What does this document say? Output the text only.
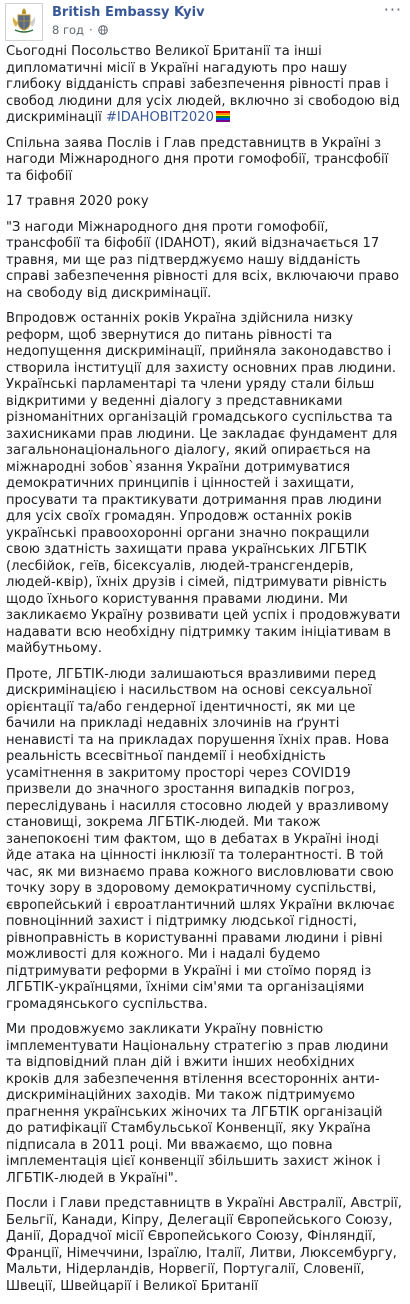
British Embassy Kyiv
8 год ·
···

Сьогодні Посольство Великої Британії та інші дипломатичні місії в Україні нагадують про нашу глибоку відданість справі забезпечення рівності прав і свобод людини для усіх людей, включно зі свободою від дискримінації #IDAHOBIT2020

Спільна заява Послів і Глав представництв в Україні з нагоди Міжнародного дня проти гомофобії, трансфобії та біфобії

17 травня 2020 року

"З нагоди Міжнародного дня проти гомофобії, трансфобії та біфобії (IDAHOT), який відзначається 17 травня, ми ще раз підтверджуємо нашу відданість справі забезпечення рівності для всіх, включаючи право на свободу від дискримінації.

Впродовж останніх років Україна здійснила низку реформ, щоб звернутися до питань рівності та недопущення дискримінації, прийняла законодавство і створила інституції для захисту основних прав людини. Українські парламентарі та члени уряду стали більш відкритими у веденні діалогу з представниками різноманітних організацій громадського суспільства та захисниками прав людини. Це закладає фундамент для загальнонаціонального діалогу, який опирається на міжнародні зобов`язання України дотримуватися демократичних принципів і цінностей і захищати, просувати та практикувати дотримання прав людини для усіх своїх громадян. Упродовж останніх років українські правоохоронні органи значно покращили свою здатність захищати права українських ЛГБТІК (лесбійок, геїв, бісексуалів, людей-трансгендерів, людей-квір), їхніх друзів і сімей, підтримувати рівність щодо їхнього користування правами людини. Ми закликаємо Україну розвивати цей успіх і продовжувати надавати всю необхідну підтримку таким ініціативам в майбутньому.

Проте, ЛГБТІК-люди залишаються вразливими перед дискримінацією і насильством на основі сексуальної орієнтації та/або гендерної ідентичності, як ми це бачили на прикладі недавніх злочинів на ґрунті ненависті та на прикладах порушення їхніх прав. Нова реальність всесвітньої пандемії і необхідність усамітнення в закритому просторі через COVID19 призвели до значного зростання випадків погроз, переслідувань і насилля стосовно людей у вразливому становищі, зокрема ЛГБТІК-людей. Ми також занепокоєні тим фактом, що в дебатах в Україні іноді йде атака на цінності інклюзії та толерантності. В той час, як ми визнаємо права кожного висловлювати свою точку зору в здоровому демократичному суспільстві, європейський і євроатлантичний шлях України включає повноцінний захист і підтримку людської гідності, рівноправність в користуванні правами людини і рівні можливості для кожного. Ми і надалі будемо підтримувати реформи в Україні і ми стоїмо поряд із ЛГБТІК-українцями, їхніми сім'ями та організаціями громадянського суспільства.

Ми продовжуємо закликати Україну повністю імплементувати Національну стратегію з прав людини та відповідний план дій і вжити інших необхідних кроків для забезпечення втілення всесторонніх анти-дискримінаційних заходів. Ми також підтримуємо прагнення українських жіночих та ЛГБТІК організацій до ратифікації Стамбульської Конвенції, яку Україна підписала в 2011 році. Ми вважаємо, що повна імплементація цієї конвенції збільшить захист жінок і ЛГБТІК-людей в Україні".

Посли і Глави представництв в Україні Австралії, Австрії, Бельгії, Канади, Кіпру, Делегації Європейського Союзу, Данії, Дорадчої місії Європейського Союзу, Фінляндії, Франції, Німеччини, Ізраїлю, Італії, Литви, Люксембургу, Мальти, Нідерландів, Норвегії, Португалії, Словенії, Швеції, Швейцарії і Великої Британії
